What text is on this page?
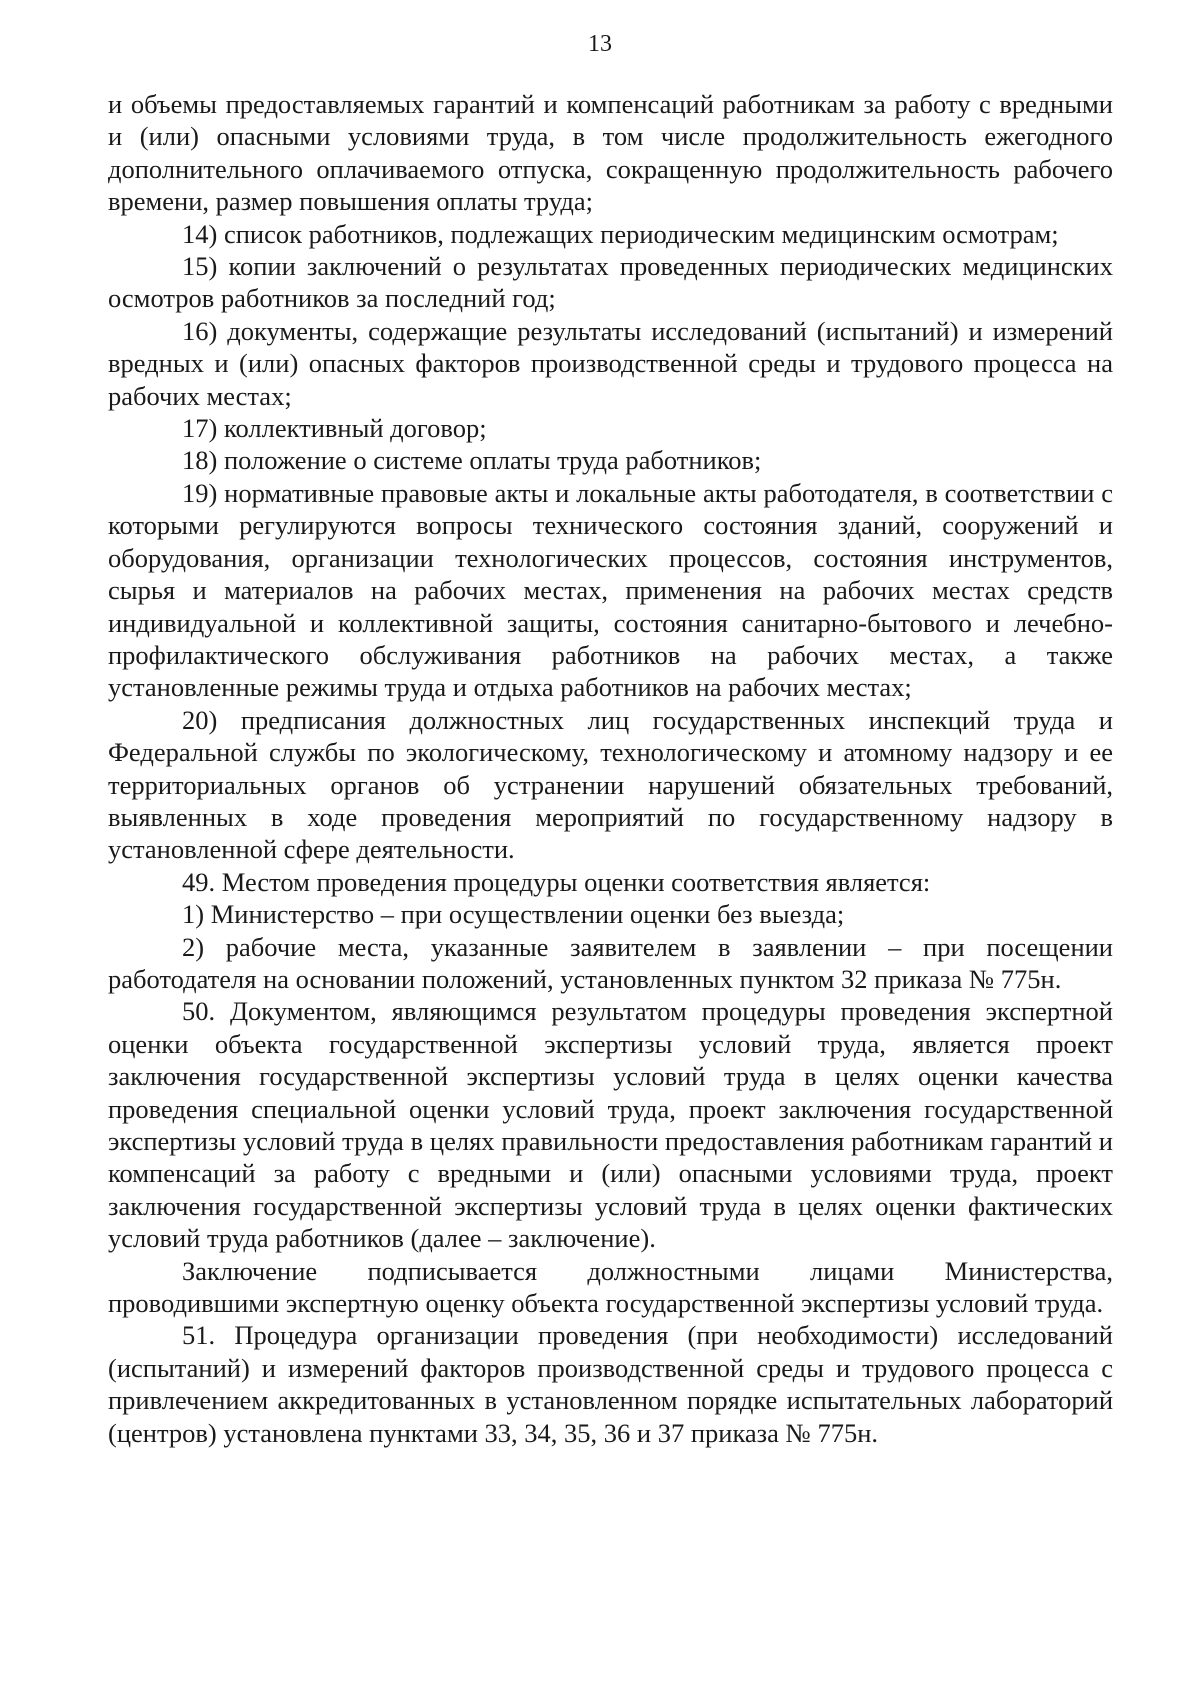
13

и объемы предоставляемых гарантий и компенсаций работникам за работу с вредными и (или) опасными условиями труда, в том числе продолжительность ежегодного дополнительного оплачиваемого отпуска, сокращенную продолжительность рабочего времени, размер повышения оплаты труда;

14) список работников, подлежащих периодическим медицинским осмотрам;

15) копии заключений о результатах проведенных периодических медицинских осмотров работников за последний год;

16) документы, содержащие результаты исследований (испытаний) и измерений вредных и (или) опасных факторов производственной среды и трудового процесса на рабочих местах;

17) коллективный договор;

18) положение о системе оплаты труда работников;

19) нормативные правовые акты и локальные акты работодателя, в соответствии с которыми регулируются вопросы технического состояния зданий, сооружений и оборудования, организации технологических процессов, состояния инструментов, сырья и материалов на рабочих местах, применения на рабочих местах средств индивидуальной и коллективной защиты, состояния санитарно-бытового и лечебно-профилактического обслуживания работников на рабочих местах, а также установленные режимы труда и отдыха работников на рабочих местах;

20) предписания должностных лиц государственных инспекций труда и Федеральной службы по экологическому, технологическому и атомному надзору и ее территориальных органов об устранении нарушений обязательных требований, выявленных в ходе проведения мероприятий по государственному надзору в установленной сфере деятельности.

49. Местом проведения процедуры оценки соответствия является:

1) Министерство – при осуществлении оценки без выезда;

2) рабочие места, указанные заявителем в заявлении – при посещении работодателя на основании положений, установленных пунктом 32 приказа № 775н.

50. Документом, являющимся результатом процедуры проведения экспертной оценки объекта государственной экспертизы условий труда, является проект заключения государственной экспертизы условий труда в целях оценки качества проведения специальной оценки условий труда, проект заключения государственной экспертизы условий труда в целях правильности предоставления работникам гарантий и компенсаций за работу с вредными и (или) опасными условиями труда, проект заключения государственной экспертизы условий труда в целях оценки фактических условий труда работников (далее – заключение).

Заключение подписывается должностными лицами Министерства, проводившими экспертную оценку объекта государственной экспертизы условий труда.

51. Процедура организации проведения (при необходимости) исследований (испытаний) и измерений факторов производственной среды и трудового процесса с привлечением аккредитованных в установленном порядке испытательных лабораторий (центров) установлена пунктами 33, 34, 35, 36 и 37 приказа № 775н.
